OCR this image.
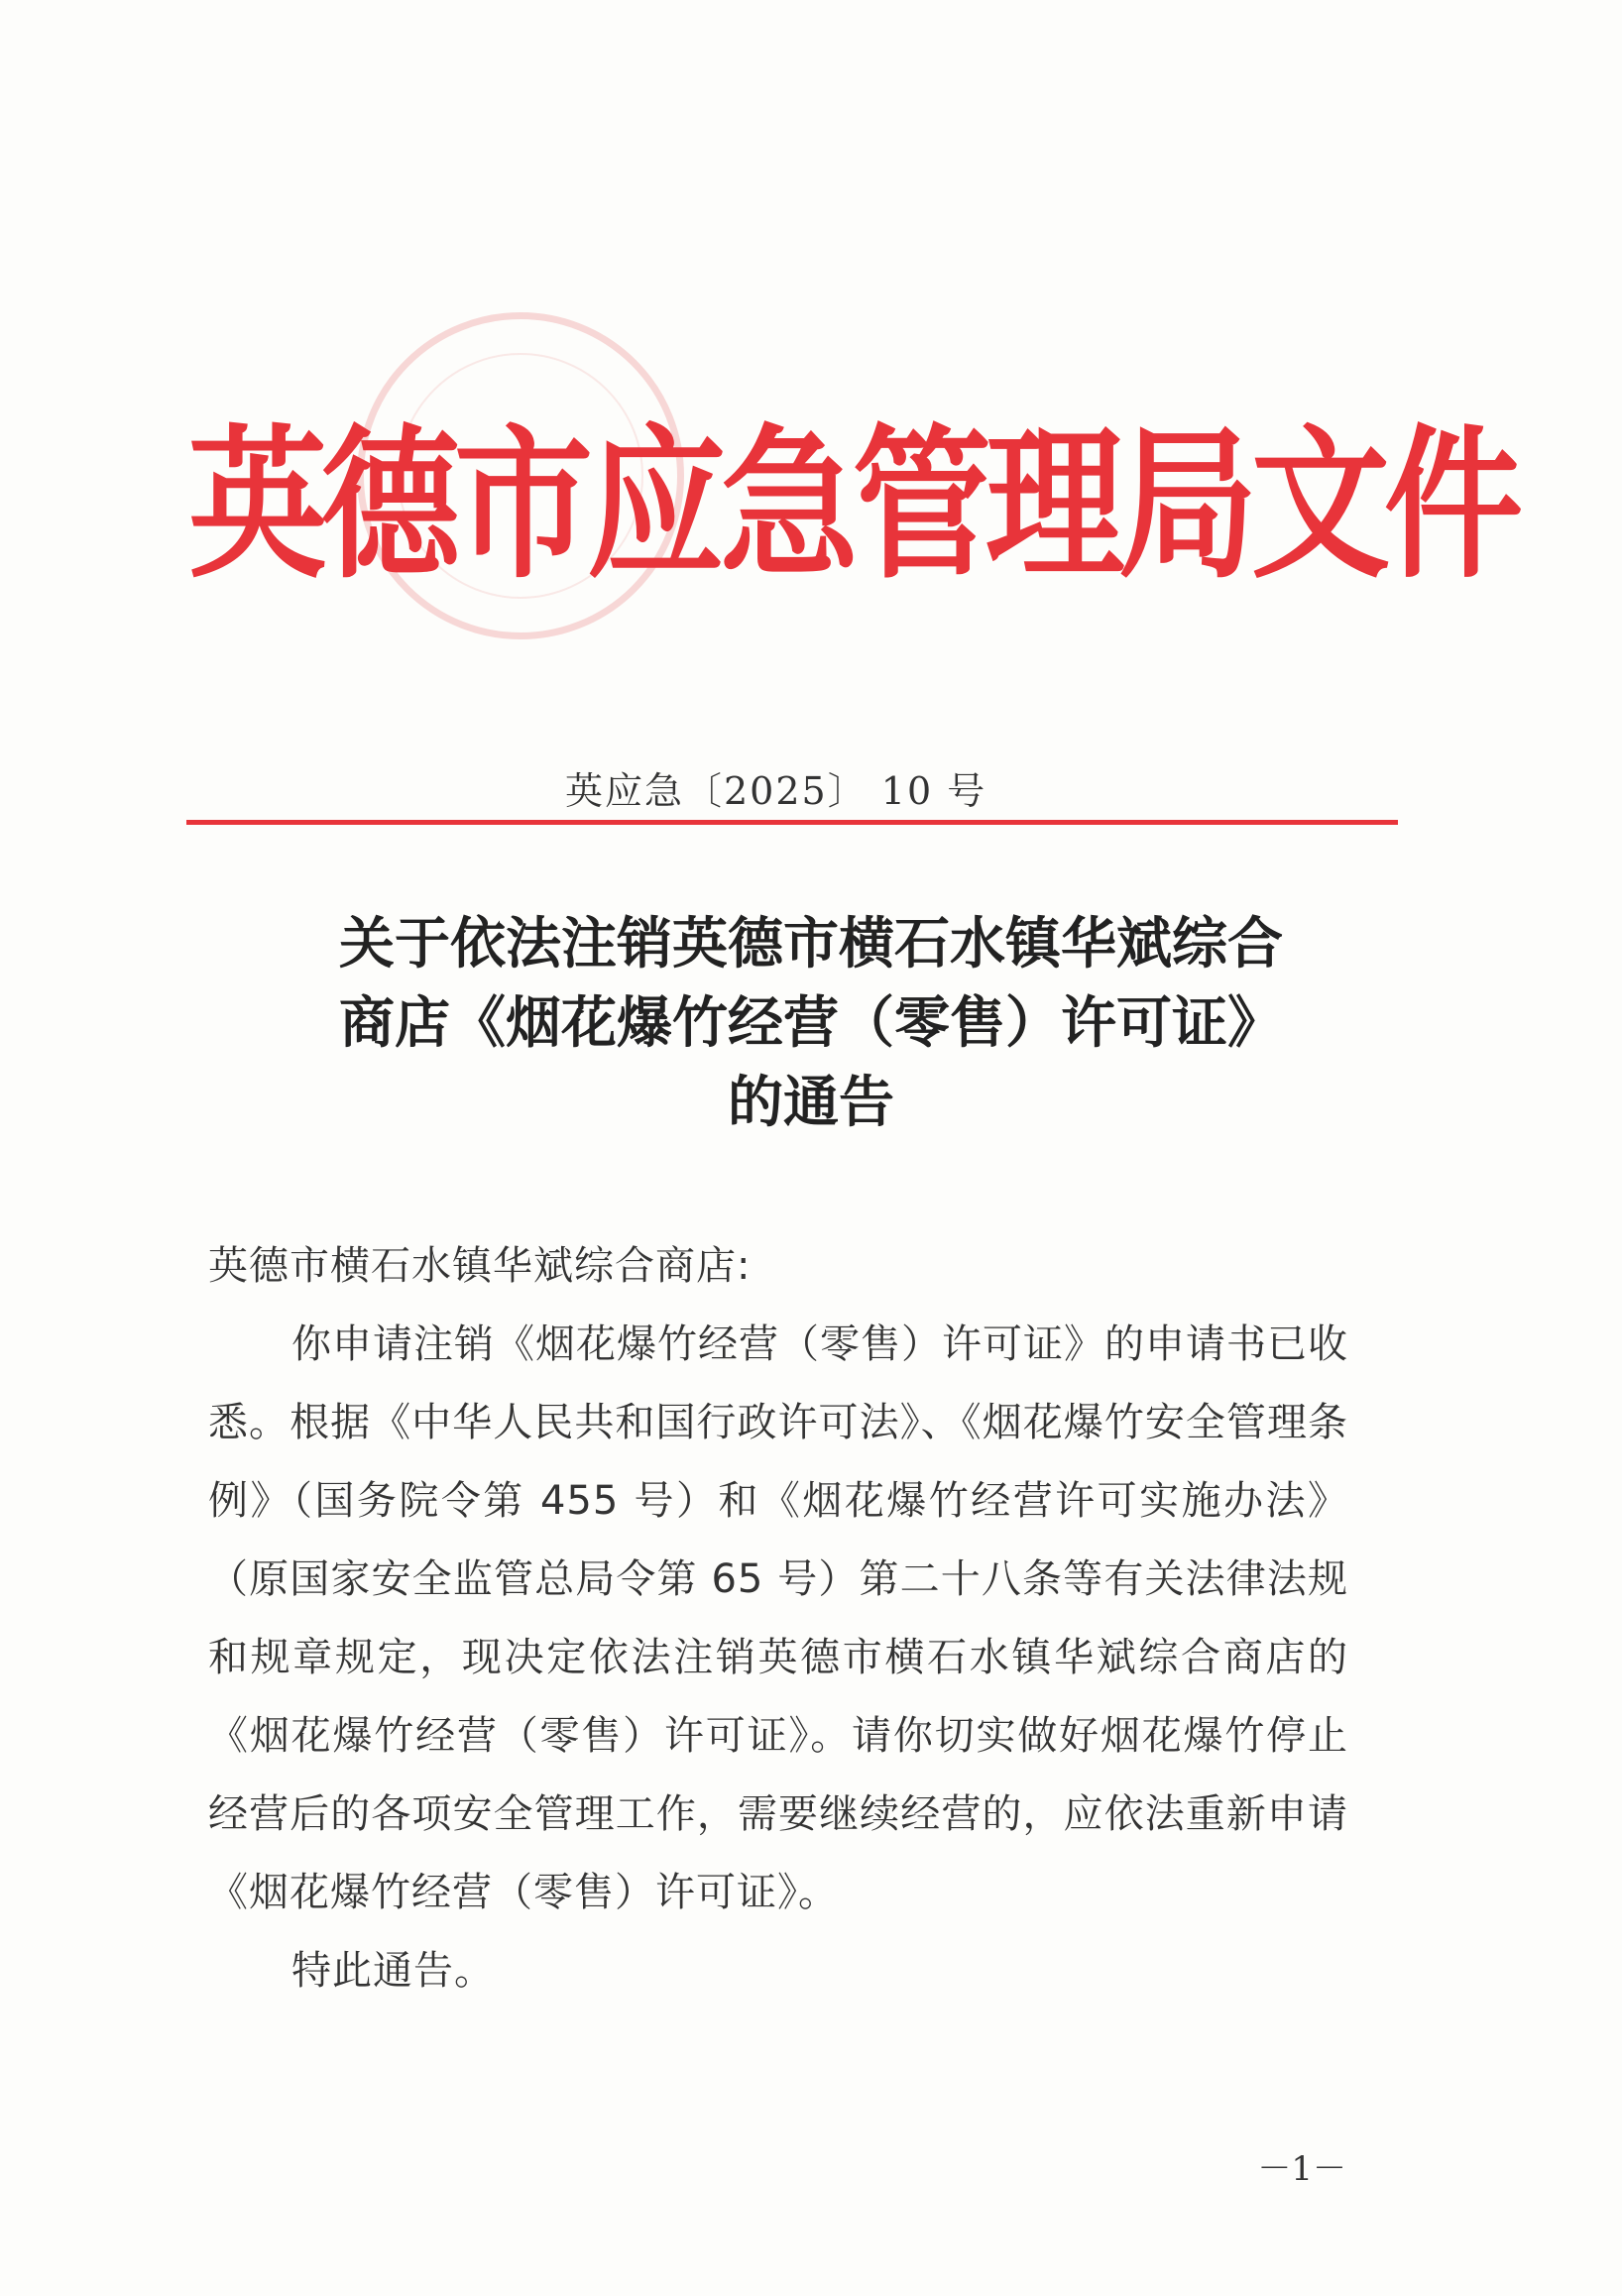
英德市应急管理局文件
英应急〔2025〕 10 号
关于依法注销英德市横石水镇华斌综合
商店《烟花爆竹经营（零售）许可证》
的通告

英德市横石水镇华斌综合商店:

你申请注销《烟花爆竹经营（零售）许可证》的申请书已收悉。根据《中华人民共和国行政许可法》、《烟花爆竹安全管理条例》（国务院令第 455 号）和《烟花爆竹经营许可实施办法》（原国家安全监管总局令第 65 号）第二十八条等有关法律法规和规章规定，现决定依法注销英德市横石水镇华斌综合商店的《烟花爆竹经营（零售）许可证》。请你切实做好烟花爆竹停止经营后的各项安全管理工作，需要继续经营的，应依法重新申请《烟花爆竹经营（零售）许可证》。

特此通告。

－1－
